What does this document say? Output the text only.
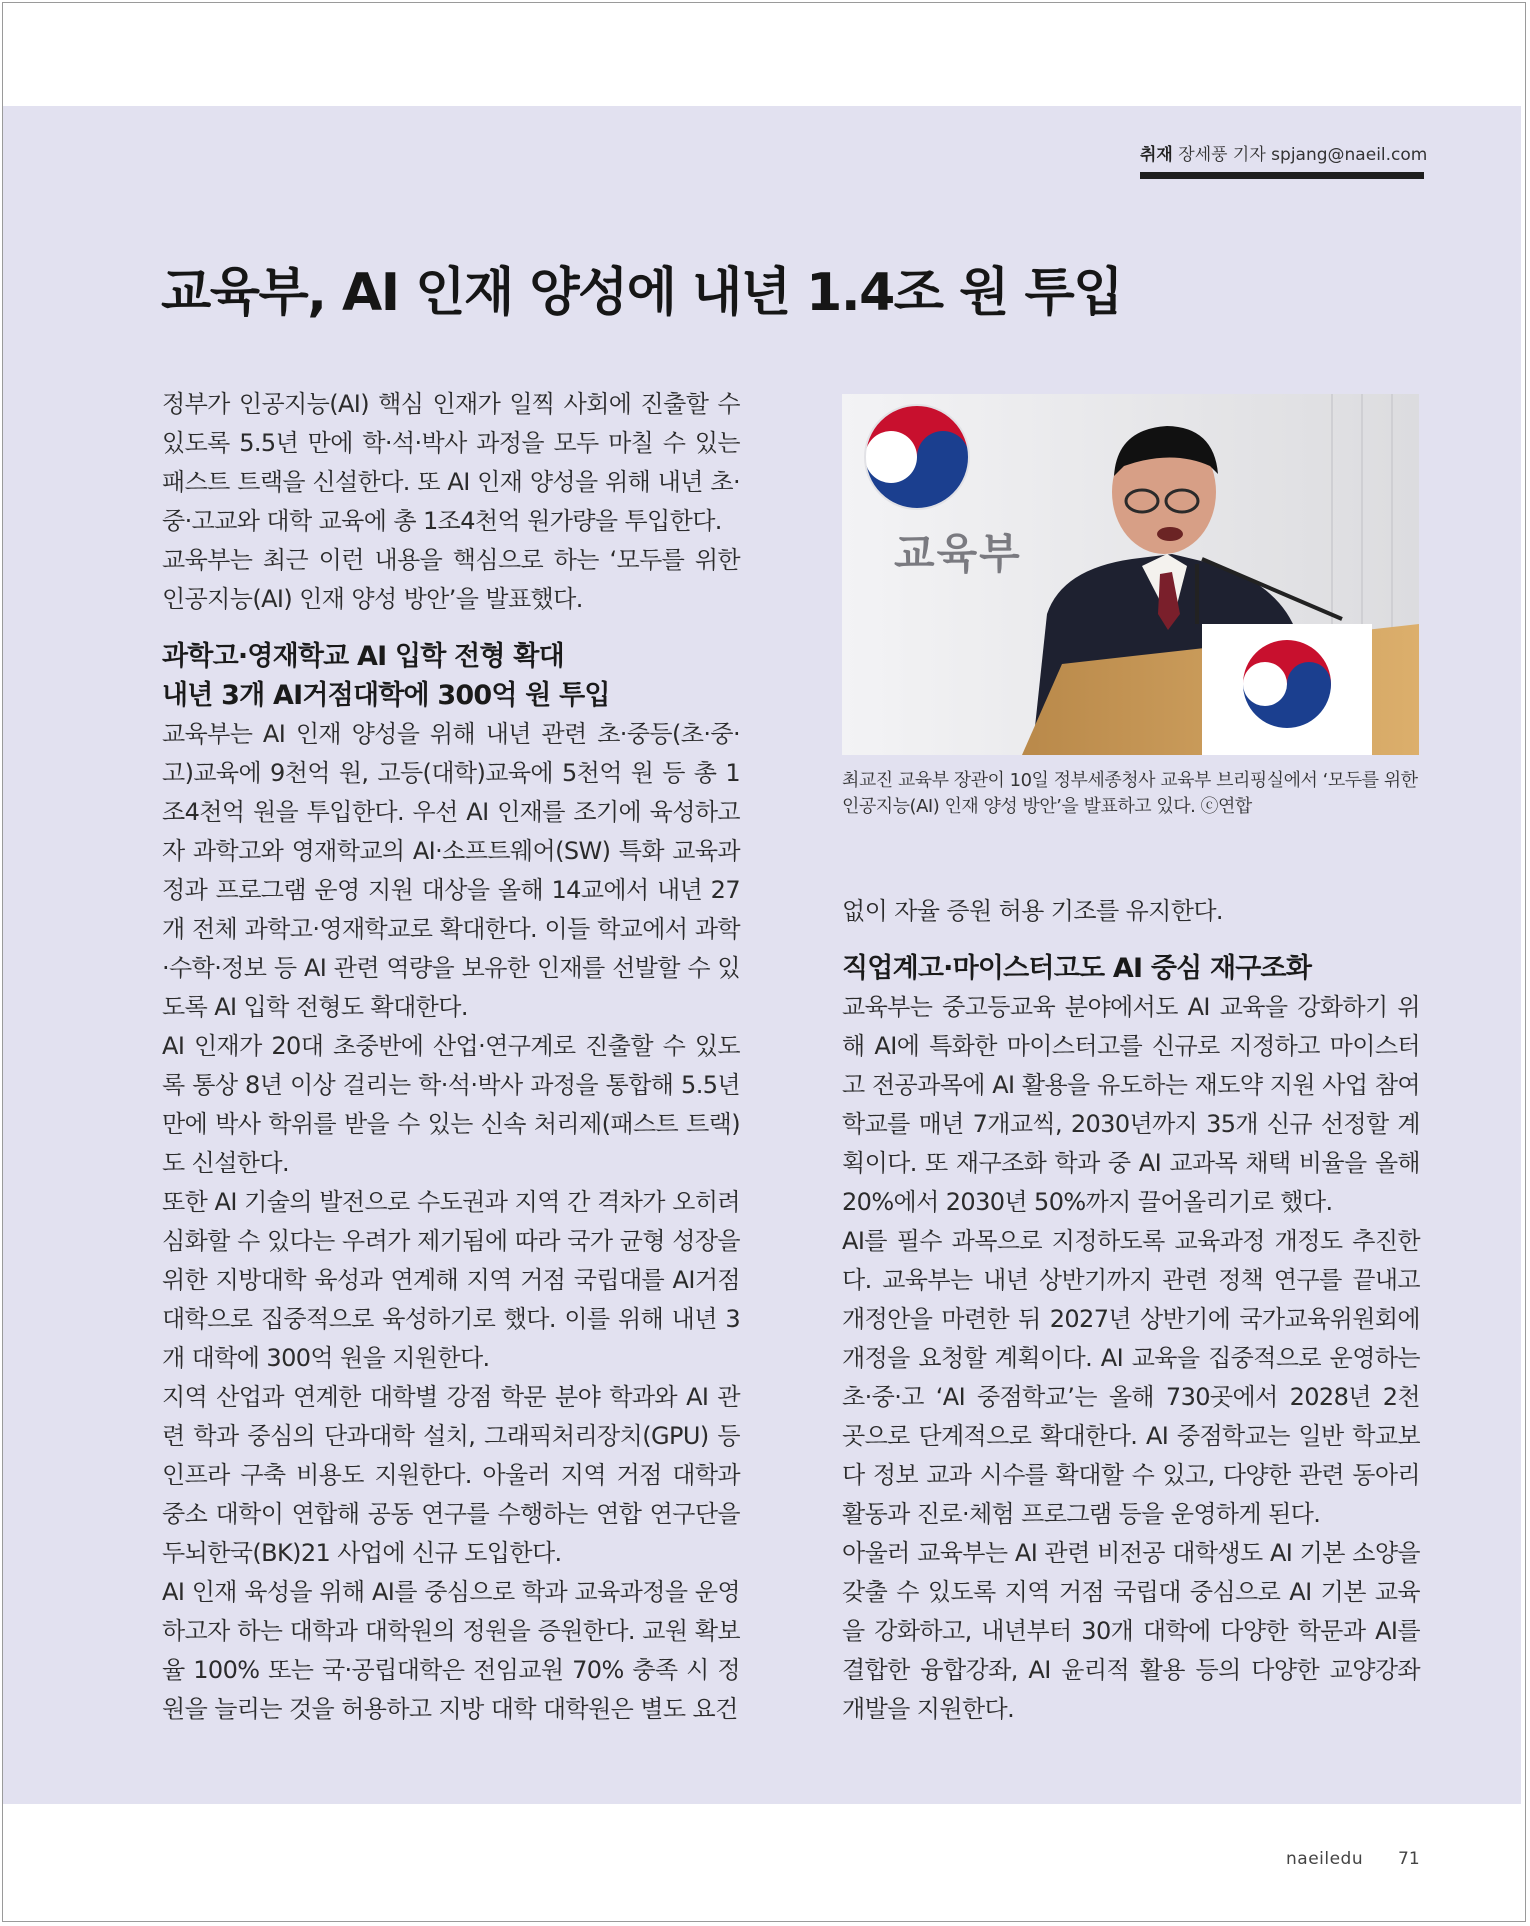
취재 장세풍 기자 spjang@naeil.com
교육부, AI 인재 양성에 내년 1.4조 원 투입

정부가 인공지능(AI) 핵심 인재가 일찍 사회에 진출할 수 있도록 5.5년 만에 학·석·박사 과정을 모두 마칠 수 있는 패스트 트랙을 신설한다. 또 AI 인재 양성을 위해 내년 초·중·고교와 대학 교육에 총 1조4천억 원가량을 투입한다.

교육부는 최근 이런 내용을 핵심으로 하는 ‘모두를 위한 인공지능(AI) 인재 양성 방안’을 발표했다.

과학고·영재학교 AI 입학 전형 확대
내년 3개 AI거점대학에 300억 원 투입

교육부는 AI 인재 양성을 위해 내년 관련 초·중등(초·중·고)교육에 9천억 원, 고등(대학)교육에 5천억 원 등 총 1조4천억 원을 투입한다. 우선 AI 인재를 조기에 육성하고자 과학고와 영재학교의 AI·소프트웨어(SW) 특화 교육과정과 프로그램 운영 지원 대상을 올해 14교에서 내년 27개 전체 과학고·영재학교로 확대한다. 이들 학교에서 과학·수학·정보 등 AI 관련 역량을 보유한 인재를 선발할 수 있도록 AI 입학 전형도 확대한다.

AI 인재가 20대 초중반에 산업·연구계로 진출할 수 있도록 통상 8년 이상 걸리는 학·석·박사 과정을 통합해 5.5년 만에 박사 학위를 받을 수 있는 신속 처리제(패스트 트랙)도 신설한다.

또한 AI 기술의 발전으로 수도권과 지역 간 격차가 오히려 심화할 수 있다는 우려가 제기됨에 따라 국가 균형 성장을 위한 지방대학 육성과 연계해 지역 거점 국립대를 AI거점대학으로 집중적으로 육성하기로 했다. 이를 위해 내년 3개 대학에 300억 원을 지원한다.

지역 산업과 연계한 대학별 강점 학문 분야 학과와 AI 관련 학과 중심의 단과대학 설치, 그래픽처리장치(GPU) 등 인프라 구축 비용도 지원한다. 아울러 지역 거점 대학과 중소 대학이 연합해 공동 연구를 수행하는 연합 연구단을 두뇌한국(BK)21 사업에 신규 도입한다.

AI 인재 육성을 위해 AI를 중심으로 학과 교육과정을 운영하고자 하는 대학과 대학원의 정원을 증원한다. 교원 확보율 100% 또는 국·공립대학은 전임교원 70% 충족 시 정원을 늘리는 것을 허용하고 지방 대학 대학원은 별도 요건

교육부

최교진 교육부 장관이 10일 정부세종청사 교육부 브리핑실에서 ‘모두를 위한 인공지능(AI) 인재 양성 방안’을 발표하고 있다. ⓒ연합

없이 자율 증원 허용 기조를 유지한다.

직업계고·마이스터고도 AI 중심 재구조화

교육부는 중고등교육 분야에서도 AI 교육을 강화하기 위해 AI에 특화한 마이스터고를 신규로 지정하고 마이스터고 전공과목에 AI 활용을 유도하는 재도약 지원 사업 참여학교를 매년 7개교씩, 2030년까지 35개 신규 선정할 계획이다. 또 재구조화 학과 중 AI 교과목 채택 비율을 올해 20%에서 2030년 50%까지 끌어올리기로 했다.

AI를 필수 과목으로 지정하도록 교육과정 개정도 추진한다. 교육부는 내년 상반기까지 관련 정책 연구를 끝내고 개정안을 마련한 뒤 2027년 상반기에 국가교육위원회에 개정을 요청할 계획이다. AI 교육을 집중적으로 운영하는 초·중·고 ‘AI 중점학교’는 올해 730곳에서 2028년 2천 곳으로 단계적으로 확대한다. AI 중점학교는 일반 학교보다 정보 교과 시수를 확대할 수 있고, 다양한 관련 동아리 활동과 진로·체험 프로그램 등을 운영하게 된다.

아울러 교육부는 AI 관련 비전공 대학생도 AI 기본 소양을 갖출 수 있도록 지역 거점 국립대 중심으로 AI 기본 교육을 강화하고, 내년부터 30개 대학에 다양한 학문과 AI를 결합한 융합강좌, AI 윤리적 활용 등의 다양한 교양강좌 개발을 지원한다.

naeiledu 71
